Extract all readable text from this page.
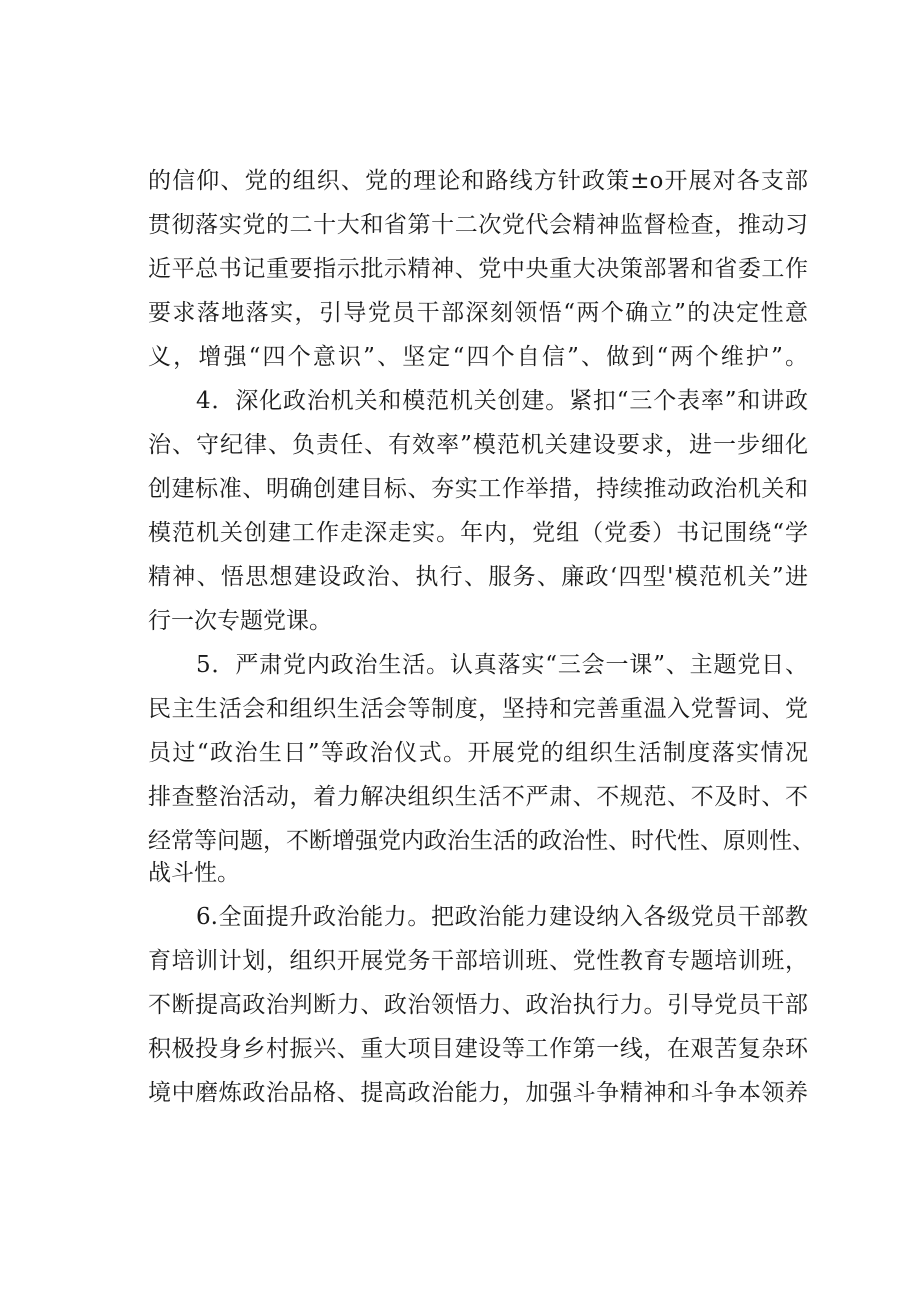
的信仰、党的组织、党的理论和路线方针政策±o开展对各支部
贯彻落实党的二十大和省第十二次党代会精神监督检查，推动习
近平总书记重要指示批示精神、党中央重大决策部署和省委工作
要求落地落实，引导党员干部深刻领悟“两个确立”的决定性意
义，增强“四个意识”、坚定“四个自信”、做到“两个维护”。
4．深化政治机关和模范机关创建。紧扣“三个表率”和讲政
治、守纪律、负责任、有效率”模范机关建设要求，进一步细化
创建标准、明确创建目标、夯实工作举措，持续推动政治机关和
模范机关创建工作走深走实。年内，党组（党委）书记围绕“学
精神、悟思想建设政治、执行、服务、廉政‘四型'模范机关”进
行一次专题党课。
5．严肃党内政治生活。认真落实“三会一课”、主题党日、
民主生活会和组织生活会等制度，坚持和完善重温入党誓词、党
员过“政治生日”等政治仪式。开展党的组织生活制度落实情况
排查整治活动，着力解决组织生活不严肃、不规范、不及时、不
经常等问题，不断增强党内政治生活的政治性、时代性、原则性、
战斗性。
6.全面提升政治能力。把政治能力建设纳入各级党员干部教
育培训计划，组织开展党务干部培训班、党性教育专题培训班，
不断提高政治判断力、政治领悟力、政治执行力。引导党员干部
积极投身乡村振兴、重大项目建设等工作第一线，在艰苦复杂环
境中磨炼政治品格、提高政治能力，加强斗争精神和斗争本领养
